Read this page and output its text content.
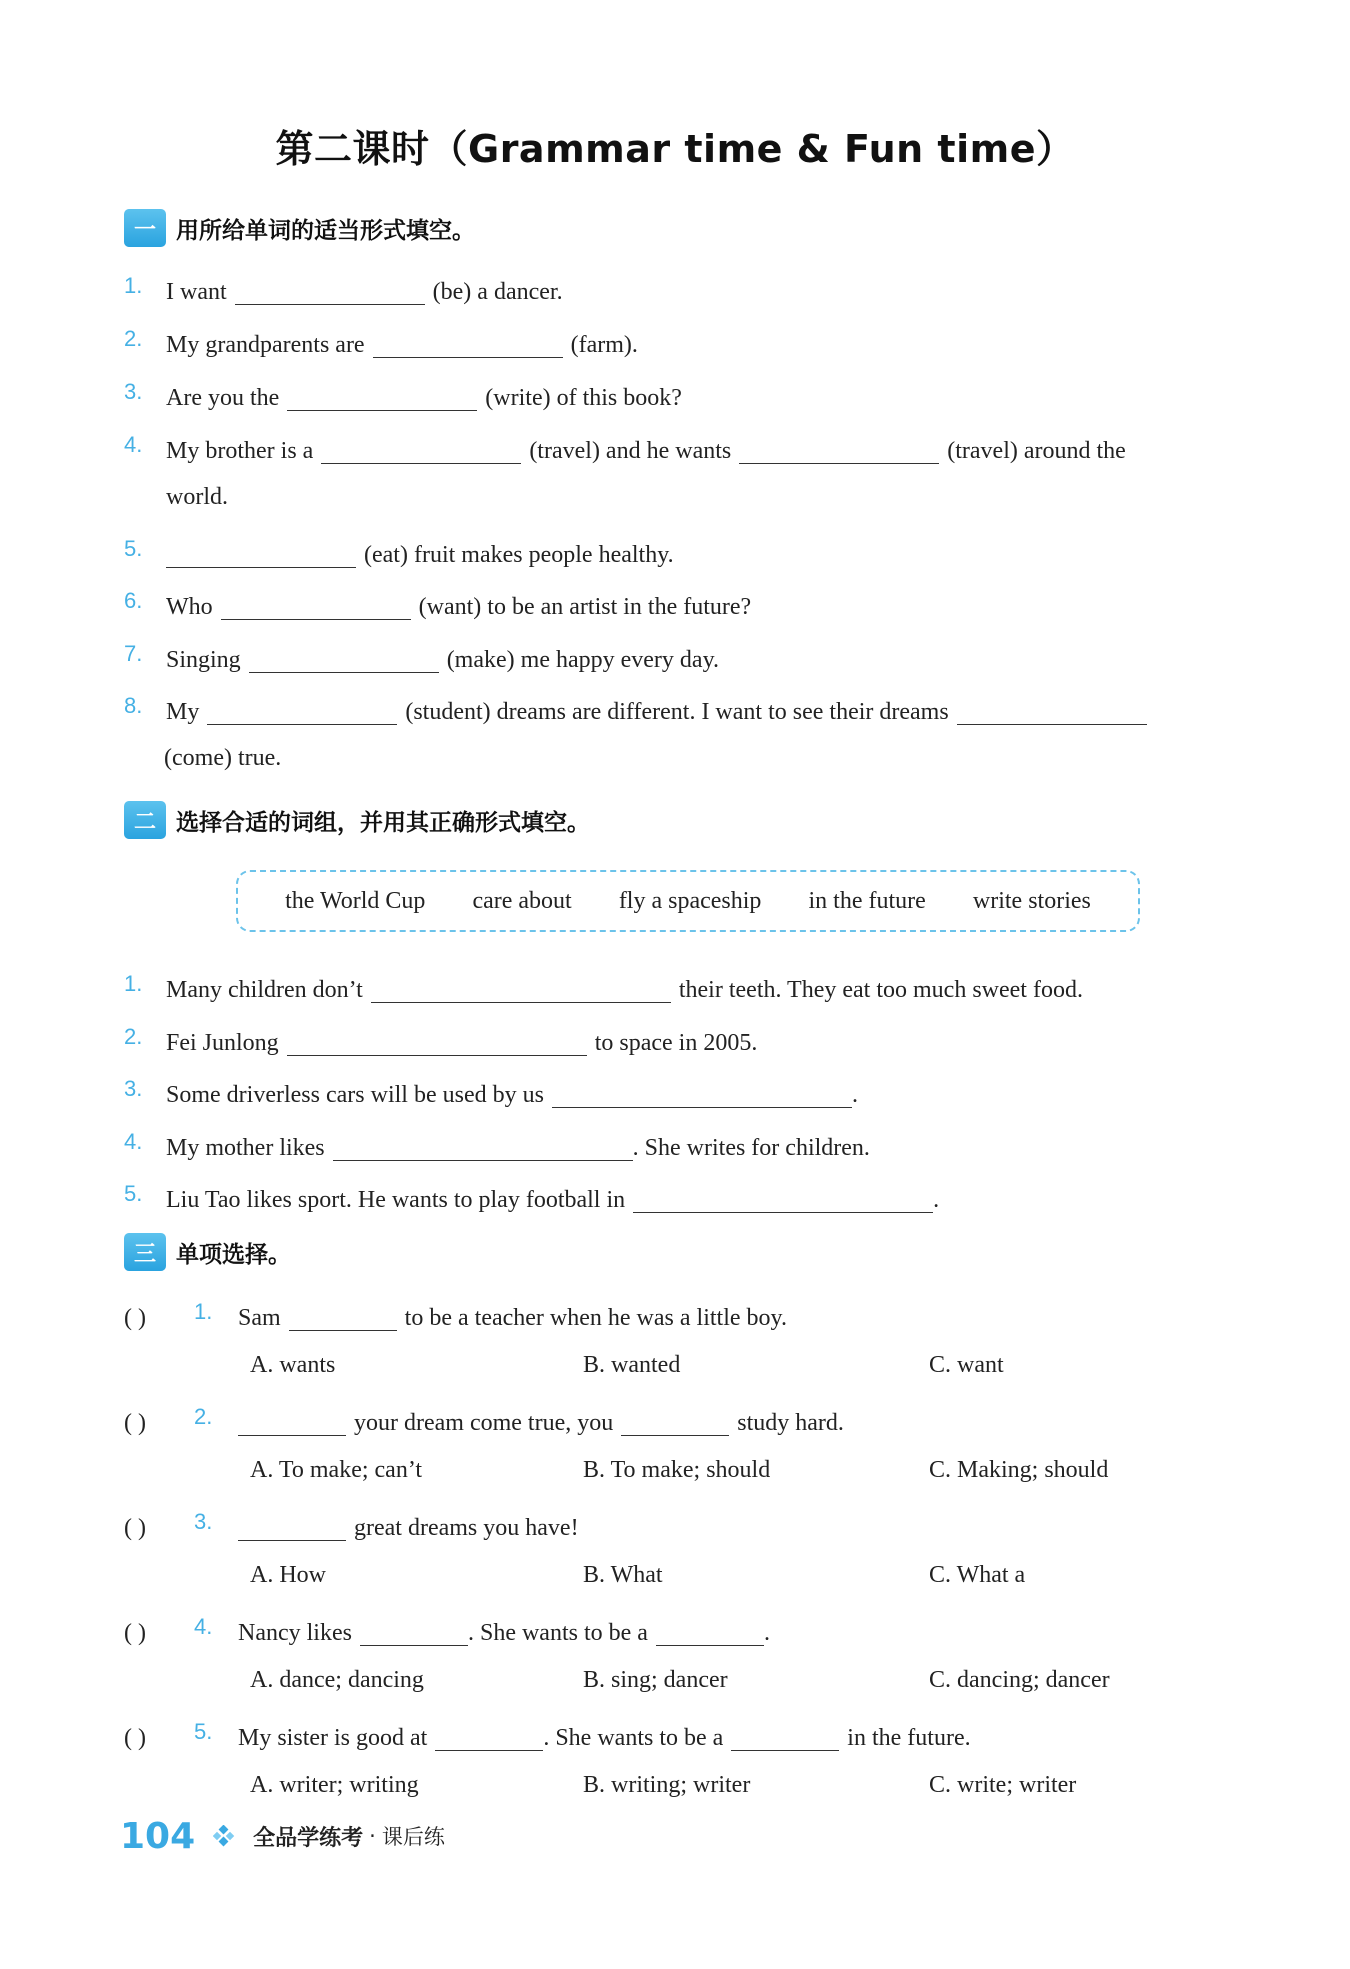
第二课时（Grammar time & Fun time）
一 用所给单词的适当形式填空。
1. I want	(be) a dancer.
2. My grandparents are	(farm).
3. Are you the	(write) of this book?
4. My brother is a	(travel) and he wants	(travel) around the
world.
5.	(eat) fruit makes people healthy.
6. Who	(want) to be an artist in the future?
7. Singing	(make) me happy every day.
8. My	(student) dreams are different. I want to see their dreams
(come) true.
二 选择合适的词组，并用其正确形式填空。
the World Cup care about fly a spaceship in the future write stories
1. Many children don’t	their teeth. They eat too much sweet food.
2. Fei Junlong	to space in 2005.
3. Some driverless cars will be used by us	.
4. My mother likes	. She writes for children.
5. Liu Tao likes sport. He wants to play football in	.
三 单项选择。
( ) 1. Sam	to be a teacher when he was a little boy.
A. wants	B. wanted	C. want
( ) 2.	your dream come true, you	study hard.
A. To make; can’t	B. To make; should	C. Making; should
( ) 3.	great dreams you have!
A. How	B. What	C. What a
( ) 4. Nancy likes	. She wants to be a	.
A. dance; dancing	B. sing; dancer	C. dancing; dancer
( ) 5. My sister is good at	. She wants to be a	in the future.
A. writer; writing	B. writing; writer	C. write; writer
104	全品学练考 · 课后练
